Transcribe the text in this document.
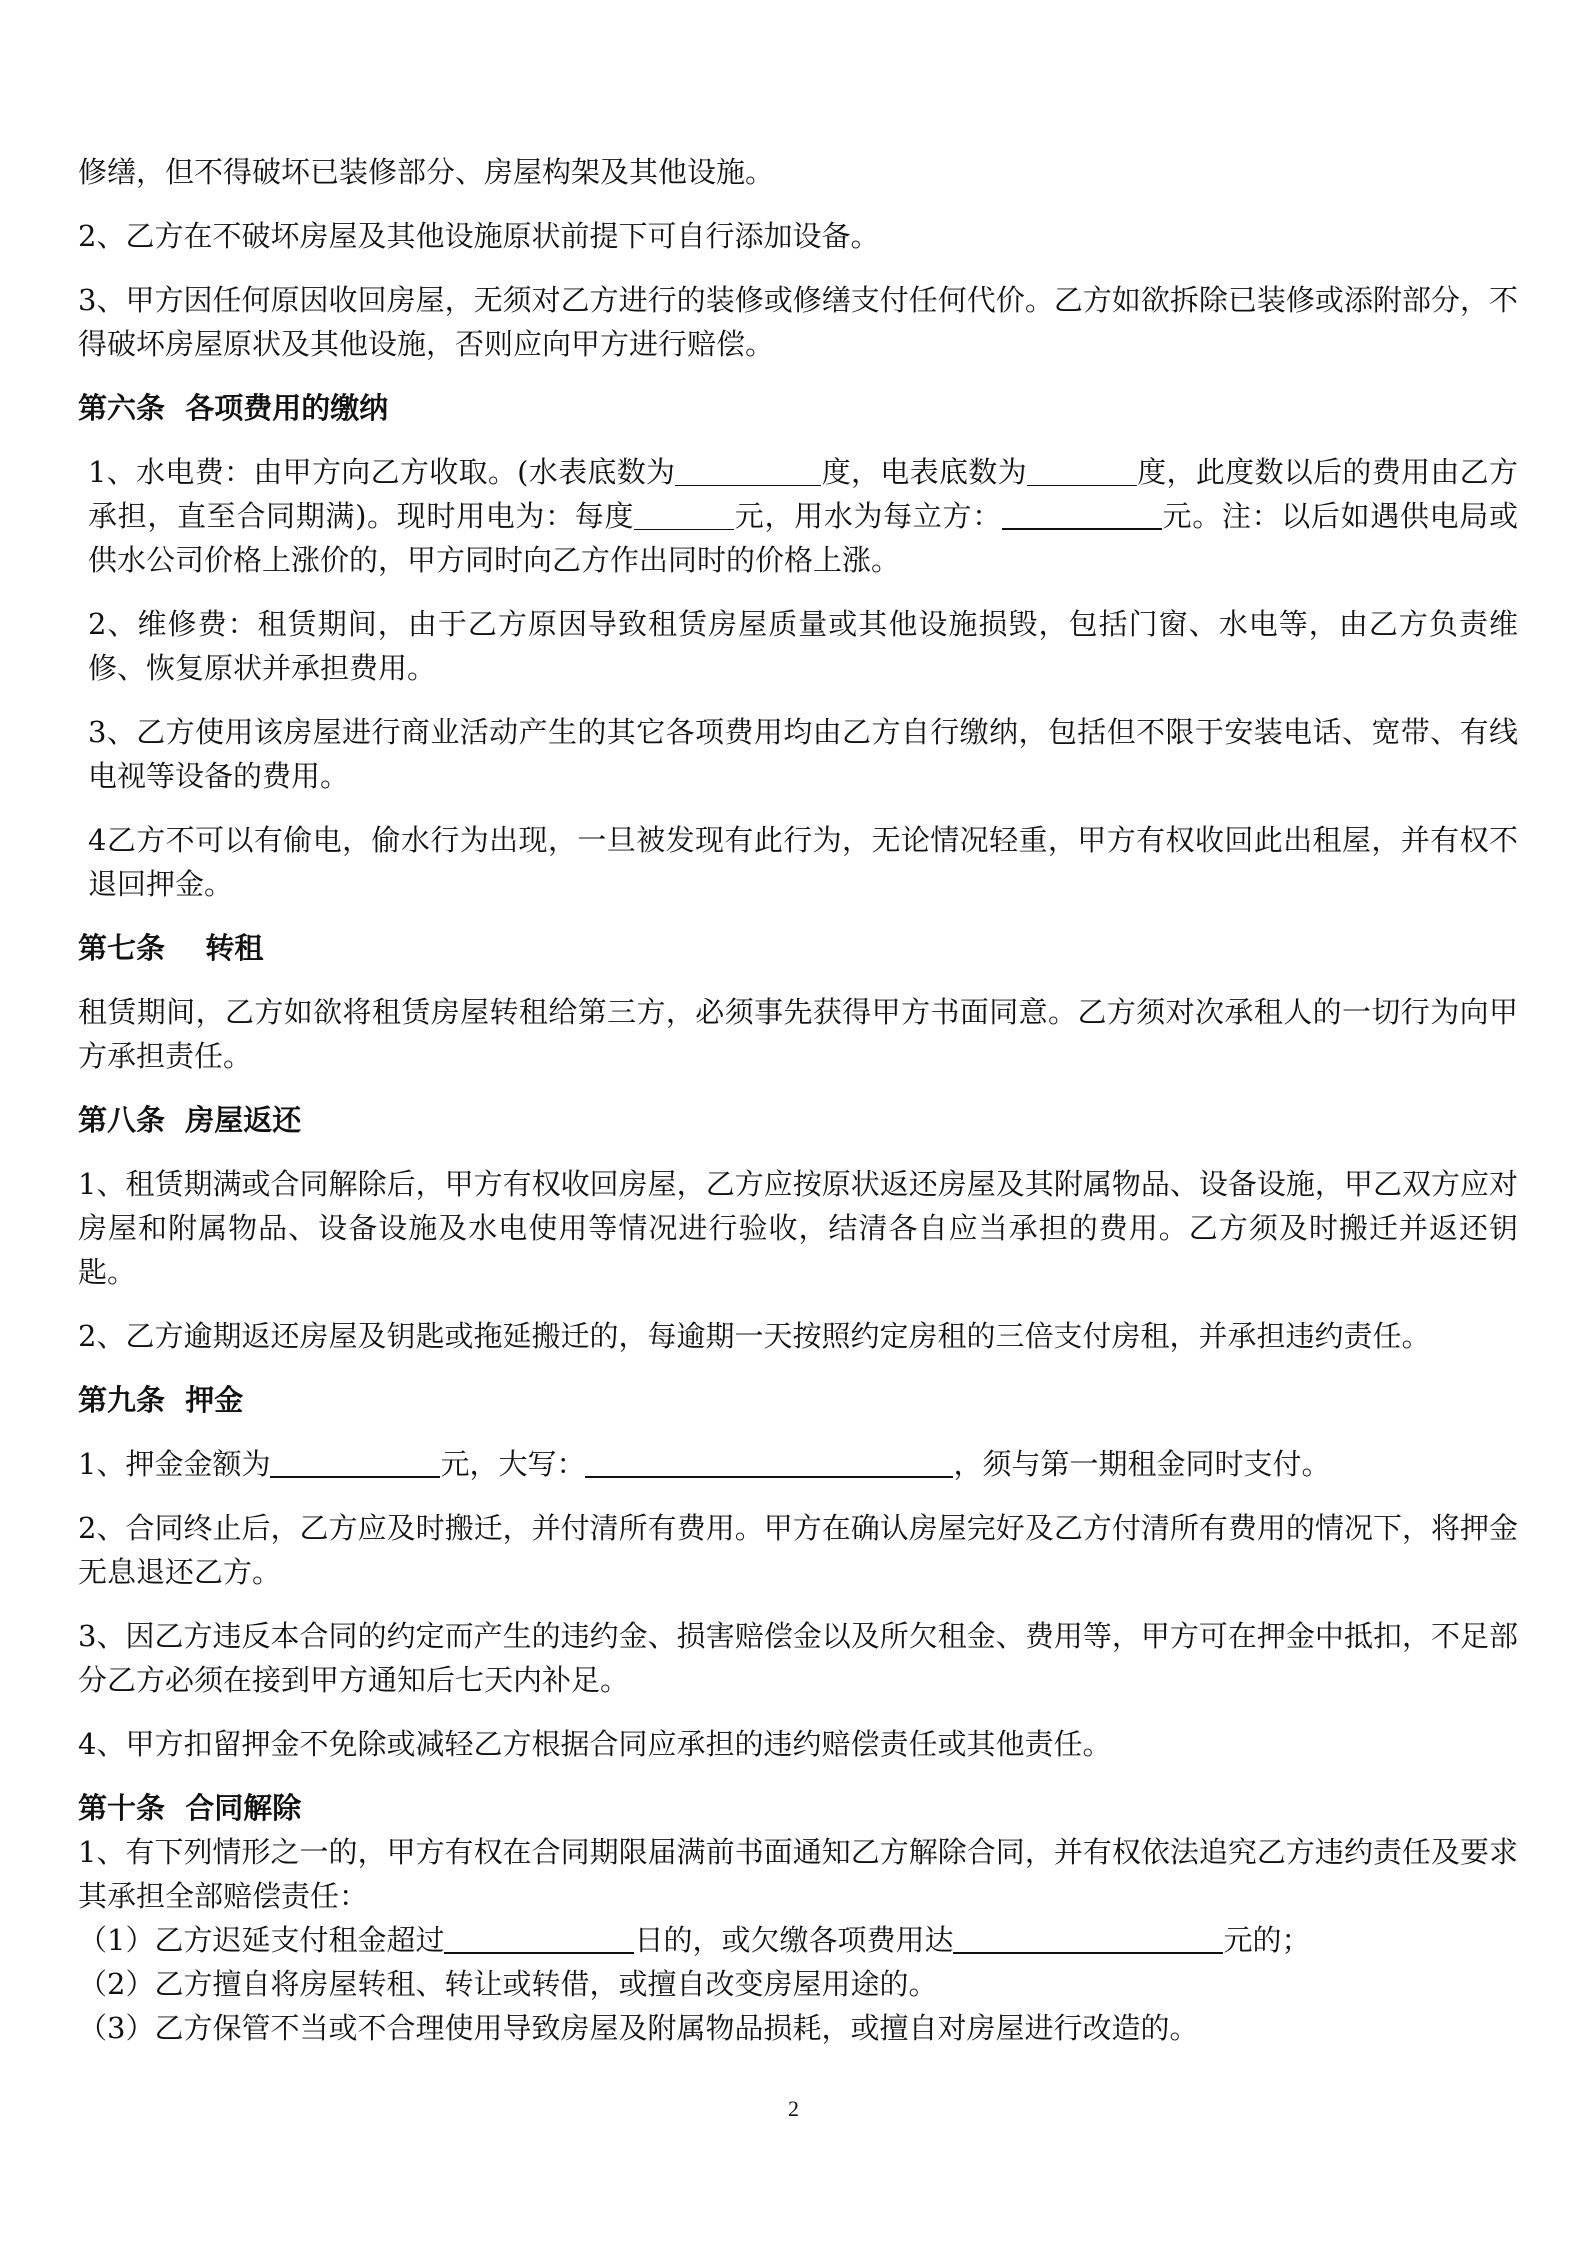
修缮，但不得破坏已装修部分、房屋构架及其他设施。

2、乙方在不破坏房屋及其他设施原状前提下可自行添加设备。

3、甲方因任何原因收回房屋，无须对乙方进行的装修或修缮支付任何代价。乙方如欲拆除已装修或添附部分，不得破坏房屋原状及其他设施，否则应向甲方进行赔偿。

第六条  各项费用的缴纳

1、水电费：由甲方向乙方收取。(水表底数为	度，电表底数为	度，此度数以后的费用由乙方承担，直至合同期满)。现时用电为：每度	元，用水为每立方：	元。注：以后如遇供电局或供水公司价格上涨价的，甲方同时向乙方作出同时的价格上涨。

2、维修费：租赁期间，由于乙方原因导致租赁房屋质量或其他设施损毁，包括门窗、水电等，由乙方负责维修、恢复原状并承担费用。

3、乙方使用该房屋进行商业活动产生的其它各项费用均由乙方自行缴纳，包括但不限于安装电话、宽带、有线电视等设备的费用。

4乙方不可以有偷电，偷水行为出现，一旦被发现有此行为，无论情况轻重，甲方有权收回此出租屋，并有权不退回押金。

第七条    转租

租赁期间，乙方如欲将租赁房屋转租给第三方，必须事先获得甲方书面同意。乙方须对次承租人的一切行为向甲方承担责任。

第八条  房屋返还

1、租赁期满或合同解除后，甲方有权收回房屋，乙方应按原状返还房屋及其附属物品、设备设施，甲乙双方应对房屋和附属物品、设备设施及水电使用等情况进行验收，结清各自应当承担的费用。乙方须及时搬迁并返还钥匙。

2、乙方逾期返还房屋及钥匙或拖延搬迁的，每逾期一天按照约定房租的三倍支付房租，并承担违约责任。

第九条  押金

1、押金金额为	元，大写：	，须与第一期租金同时支付。

2、合同终止后，乙方应及时搬迁，并付清所有费用。甲方在确认房屋完好及乙方付清所有费用的情况下，将押金无息退还乙方。

3、因乙方违反本合同的约定而产生的违约金、损害赔偿金以及所欠租金、费用等，甲方可在押金中抵扣，不足部分乙方必须在接到甲方通知后七天内补足。

4、甲方扣留押金不免除或减轻乙方根据合同应承担的违约赔偿责任或其他责任。

第十条  合同解除

1、有下列情形之一的，甲方有权在合同期限届满前书面通知乙方解除合同，并有权依法追究乙方违约责任及要求其承担全部赔偿责任：

（1）乙方迟延支付租金超过	日的，或欠缴各项费用达	元的；

（2）乙方擅自将房屋转租、转让或转借，或擅自改变房屋用途的。

（3）乙方保管不当或不合理使用导致房屋及附属物品损耗，或擅自对房屋进行改造的。

2
